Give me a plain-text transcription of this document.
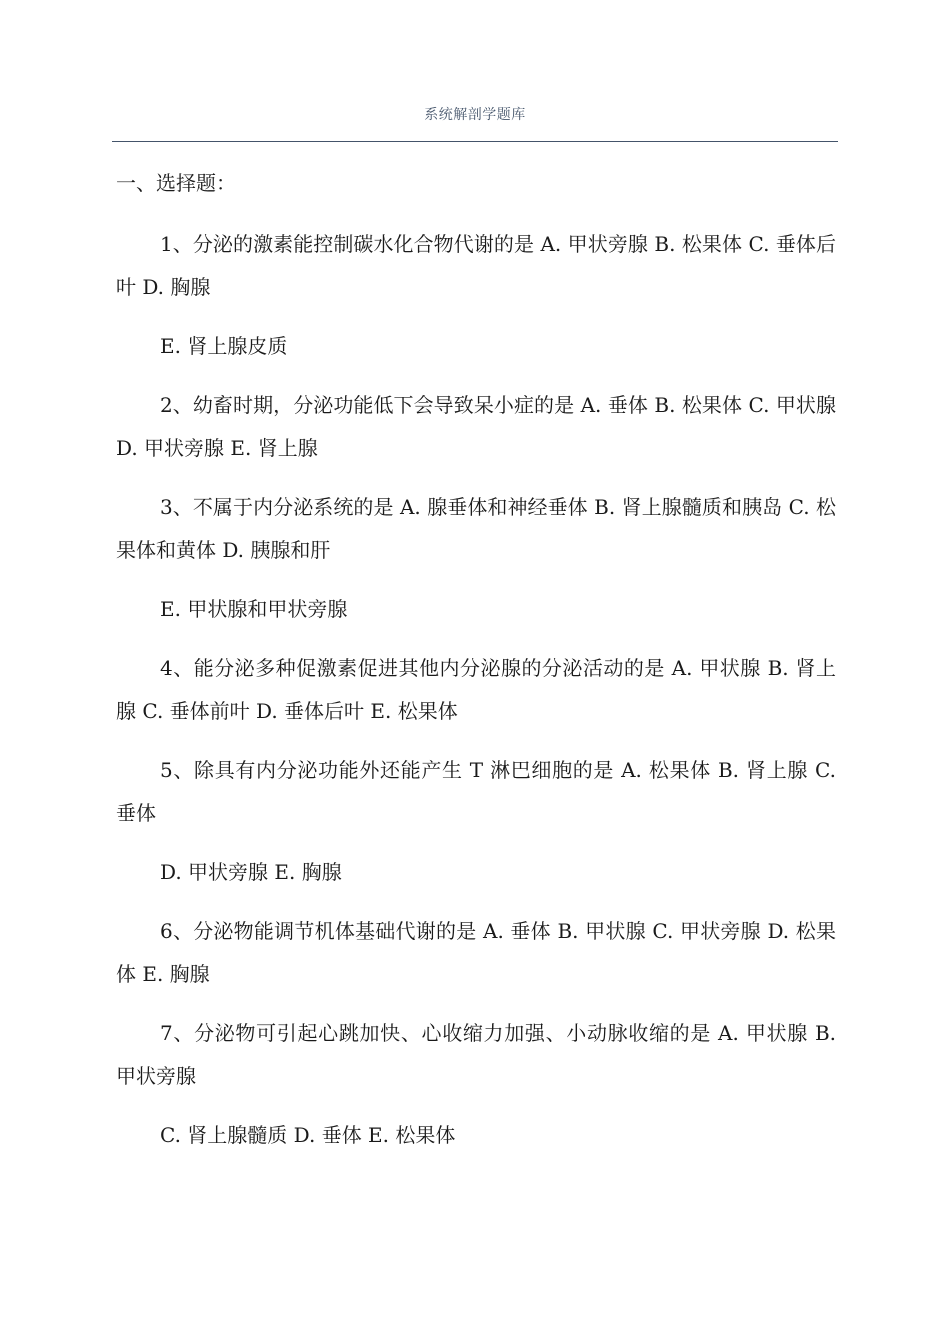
系统解剖学题库

一、选择题：

1、分泌的激素能控制碳水化合物代谢的是 A. 甲状旁腺 B. 松果体 C. 垂体后叶 D. 胸腺

E. 肾上腺皮质

2、幼畜时期，分泌功能低下会导致呆小症的是 A. 垂体 B. 松果体 C. 甲状腺 D. 甲状旁腺 E. 肾上腺

3、不属于内分泌系统的是 A. 腺垂体和神经垂体 B. 肾上腺髓质和胰岛 C. 松果体和黄体 D. 胰腺和肝

E. 甲状腺和甲状旁腺

4、能分泌多种促激素促进其他内分泌腺的分泌活动的是 A. 甲状腺 B. 肾上腺 C. 垂体前叶 D. 垂体后叶 E. 松果体

5、除具有内分泌功能外还能产生 T 淋巴细胞的是 A. 松果体 B. 肾上腺 C. 垂体

D. 甲状旁腺 E. 胸腺

6、分泌物能调节机体基础代谢的是 A. 垂体 B. 甲状腺 C. 甲状旁腺 D. 松果体 E. 胸腺

7、分泌物可引起心跳加快、心收缩力加强、小动脉收缩的是 A. 甲状腺 B. 甲状旁腺

C. 肾上腺髓质 D. 垂体 E. 松果体
